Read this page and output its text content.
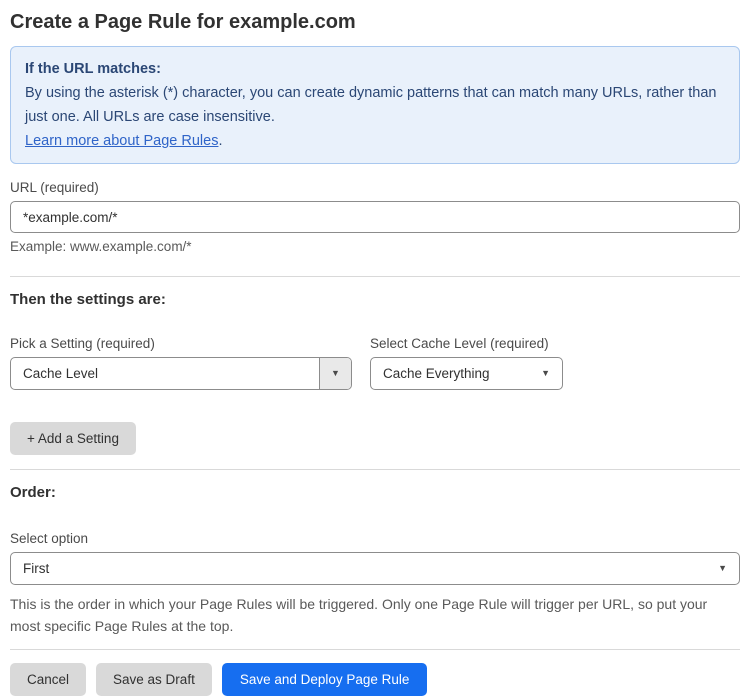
Create a Page Rule for example.com
If the URL matches:
By using the asterisk (*) character, you can create dynamic patterns that can match many URLs, rather than just one. All URLs are case insensitive.
Learn more about Page Rules.
URL (required)
*example.com/*
Example: www.example.com/*
Then the settings are:
Pick a Setting (required)
Cache Level	▼
Select Cache Level (required)
Cache Everything	▼
+ Add a Setting
Order:
Select option
First	▼
This is the order in which your Page Rules will be triggered. Only one Page Rule will trigger per URL, so put your most specific Page Rules at the top.
Cancel	Save as Draft	Save and Deploy Page Rule
